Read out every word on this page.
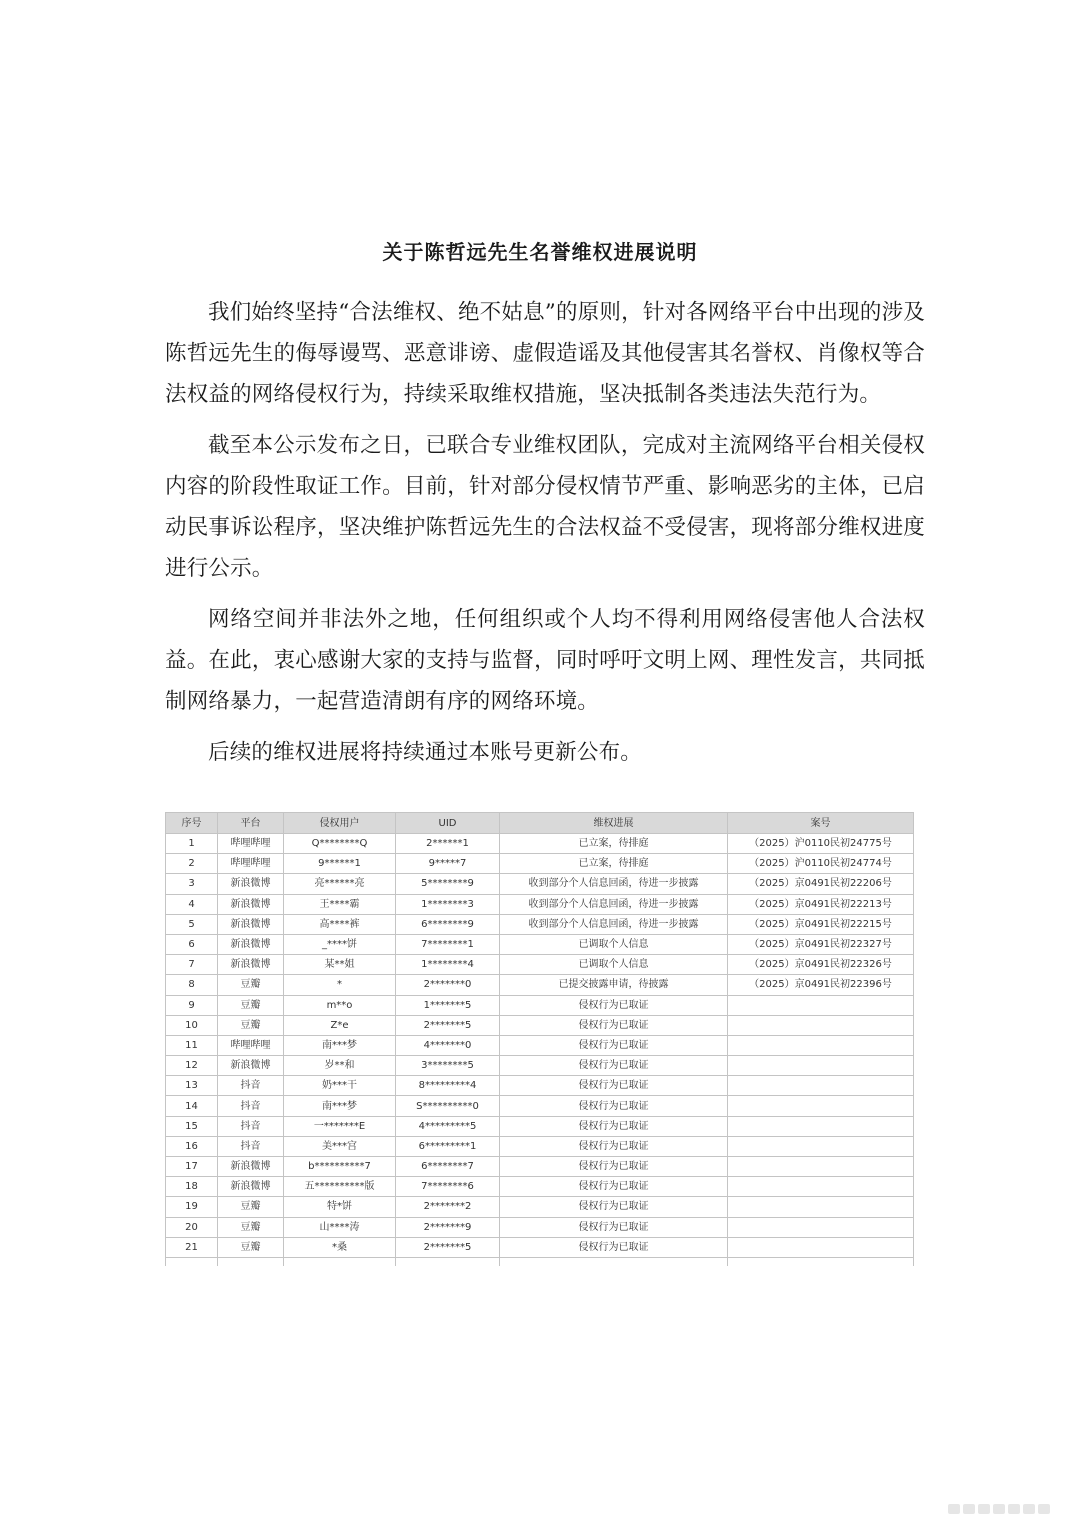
关于陈哲远先生名誉维权进展说明

我们始终坚持“合法维权、绝不姑息”的原则，针对各网络平台中出现的涉及陈哲远先生的侮辱谩骂、恶意诽谤、虚假造谣及其他侵害其名誉权、肖像权等合法权益的网络侵权行为，持续采取维权措施，坚决抵制各类违法失范行为。

截至本公示发布之日，已联合专业维权团队，完成对主流网络平台相关侵权内容的阶段性取证工作。目前，针对部分侵权情节严重、影响恶劣的主体，已启动民事诉讼程序，坚决维护陈哲远先生的合法权益不受侵害，现将部分维权进度进行公示。

网络空间并非法外之地，任何组织或个人均不得利用网络侵害他人合法权益。在此，衷心感谢大家的支持与监督，同时呼吁文明上网、理性发言，共同抵制网络暴力，一起营造清朗有序的网络环境。

后续的维权进展将持续通过本账号更新公布。

序号	平台	侵权用户	UID	维权进展	案号
1	哔哩哔哩	Q********Q	2******1	已立案，待排庭	（2025）沪0110民初24775号
2	哔哩哔哩	9******1	9*****7	已立案，待排庭	（2025）沪0110民初24774号
3	新浪微博	亮******亮	5********9	收到部分个人信息回函，待进一步披露	（2025）京0491民初22206号
4	新浪微博	王****霸	1********3	收到部分个人信息回函，待进一步披露	（2025）京0491民初22213号
5	新浪微博	高****裤	6********9	收到部分个人信息回函，待进一步披露	（2025）京0491民初22215号
6	新浪微博	_****饼	7********1	已调取个人信息	（2025）京0491民初22327号
7	新浪微博	某**姐	1********4	已调取个人信息	（2025）京0491民初22326号
8	豆瓣	*	2*******0	已提交披露申请，待披露	（2025）京0491民初22396号
9	豆瓣	m**o	1*******5	侵权行为已取证	
10	豆瓣	Z*e	2*******5	侵权行为已取证	
11	哔哩哔哩	南***梦	4*******0	侵权行为已取证	
12	新浪微博	岁**和	3********5	侵权行为已取证	
13	抖音	奶***干	8*********4	侵权行为已取证	
14	抖音	南***梦	S**********0	侵权行为已取证	
15	抖音	一*******E	4*********5	侵权行为已取证	
16	抖音	美***宫	6*********1	侵权行为已取证	
17	新浪微博	b**********7	6********7	侵权行为已取证	
18	新浪微博	五**********版	7********6	侵权行为已取证	
19	豆瓣	特*饼	2*******2	侵权行为已取证	
20	豆瓣	山****涛	2*******9	侵权行为已取证	
21	豆瓣	*桑	2*******5	侵权行为已取证	
